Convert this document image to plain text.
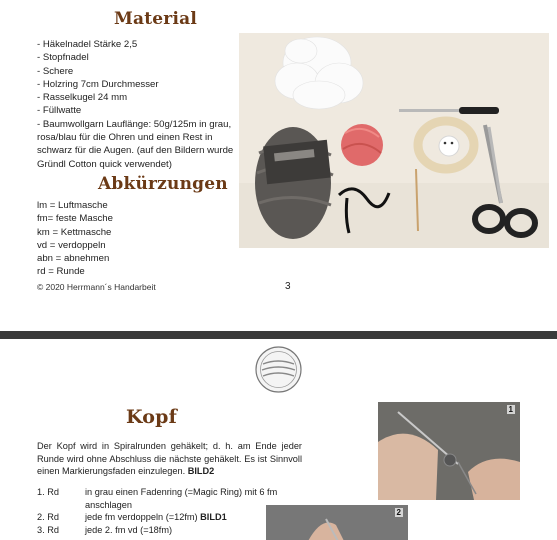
Material
- Häkelnadel Stärke 2,5
- Stopfnadel
- Schere
- Holzring 7cm Durchmesser
- Rasselkugel 24 mm
- Füllwatte
- Baumwollgarn Lauflänge: 50g/125m in grau, rosa/blau für die Ohren und einen Rest in schwarz für die Augen. (auf den Bildern wurde Gründl Cotton quick verwendet)
Abkürzungen
lm = Luftmasche
fm= feste Masche
km = Kettmasche
vd = verdoppeln
abn = abnehmen
rd = Runde
© 2020 Herrmann´s Handarbeit	3
Kopf
Der Kopf wird in Spiralrunden gehäkelt; d. h. am Ende jeder Runde wird ohne Abschluss die nächste gehäkelt. Es ist Sinnvoll einen Markierungsfaden einzulegen. BILD2
1. Rd	in grau einen Fadenring (=Magic Ring) mit 6 fm anschlagen
2. Rd	jede fm verdoppeln (=12fm) BILD1
3. Rd	jede 2. fm vd (=18fm)
1
2
